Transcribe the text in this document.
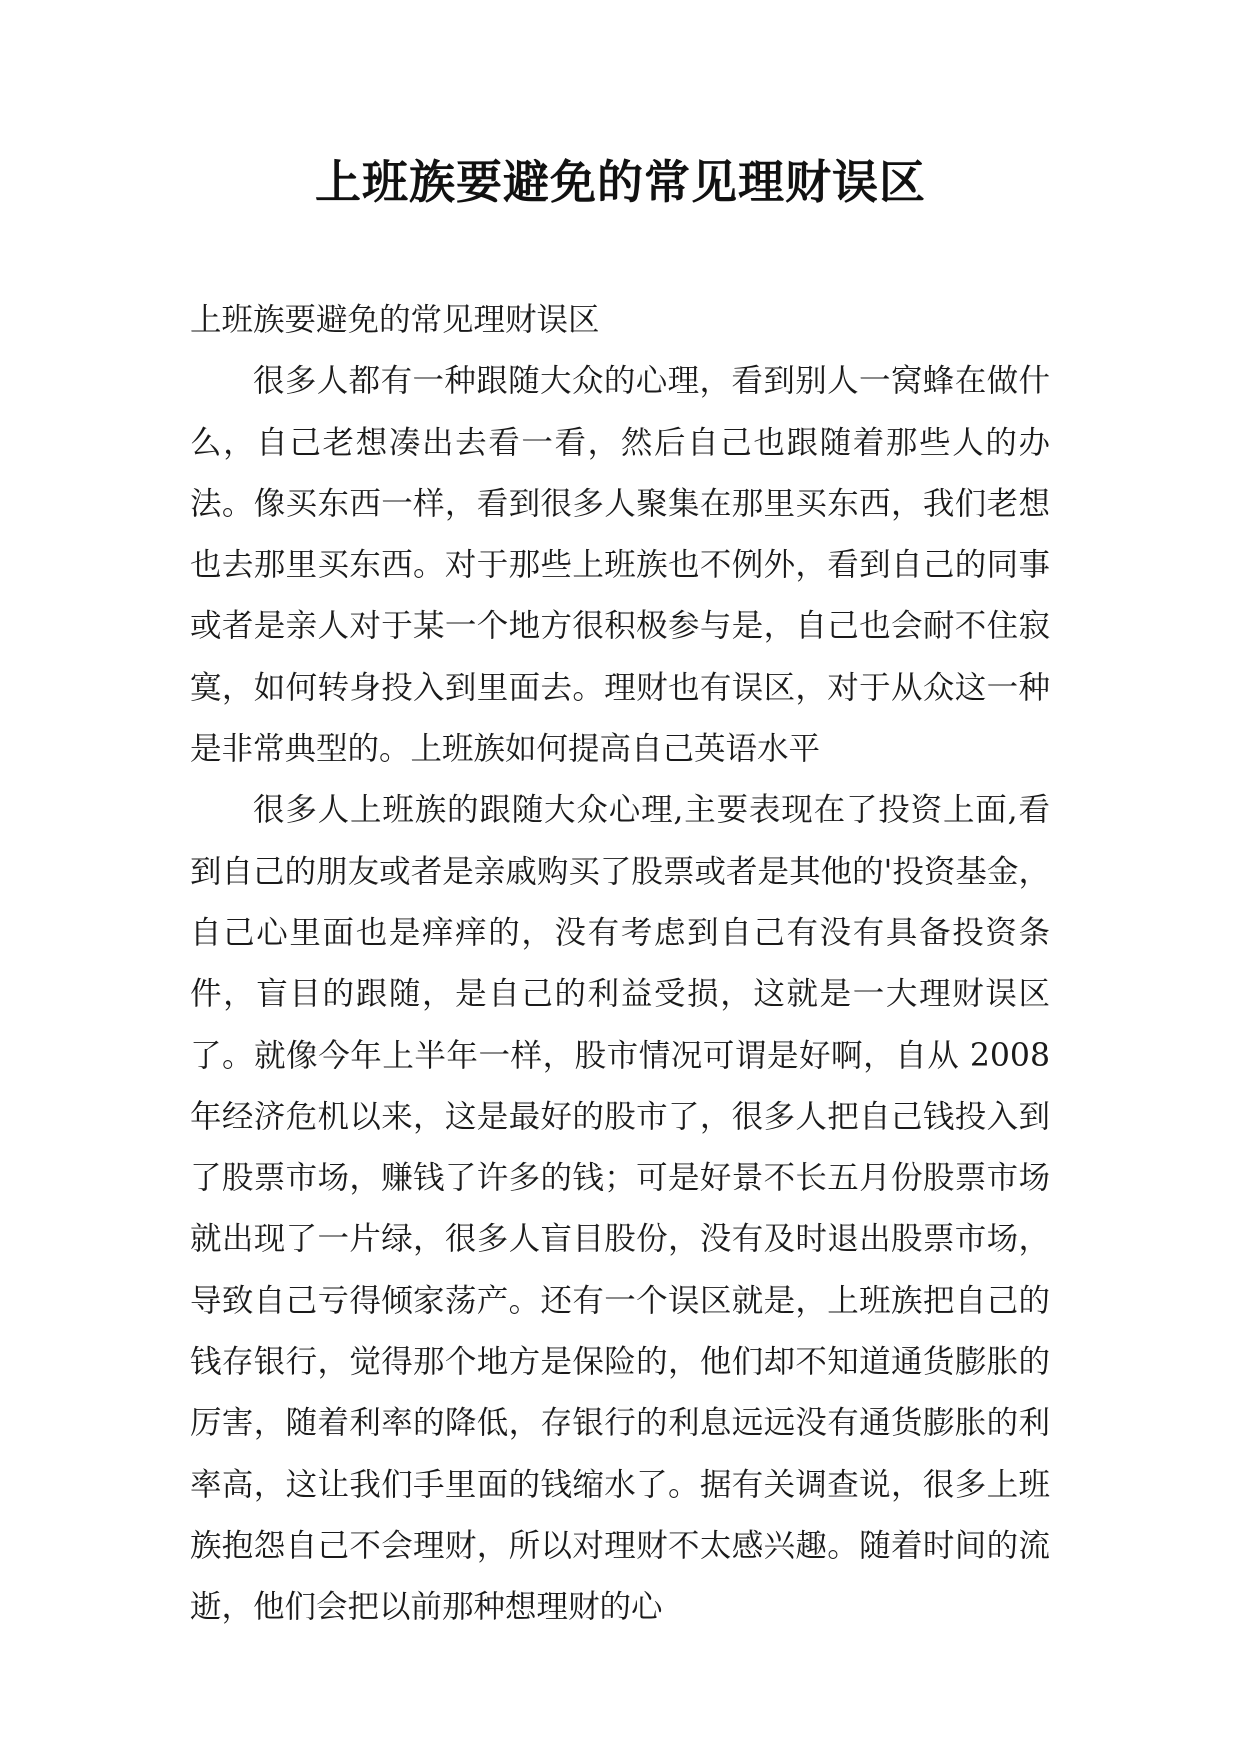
上班族要避免的常见理财误区

上班族要避免的常见理财误区

很多人都有一种跟随大众的心理，看到别人一窝蜂在做什么，自己老想凑出去看一看，然后自己也跟随着那些人的办法。像买东西一样，看到很多人聚集在那里买东西，我们老想也去那里买东西。对于那些上班族也不例外，看到自己的同事或者是亲人对于某一个地方很积极参与是，自己也会耐不住寂寞，如何转身投入到里面去。理财也有误区，对于从众这一种是非常典型的。上班族如何提高自己英语水平

很多人上班族的跟随大众心理,主要表现在了投资上面,看到自己的朋友或者是亲戚购买了股票或者是其他的'投资基金，自己心里面也是痒痒的，没有考虑到自己有没有具备投资条件，盲目的跟随，是自己的利益受损，这就是一大理财误区了。就像今年上半年一样，股市情况可谓是好啊，自从 2008 年经济危机以来，这是最好的股市了，很多人把自己钱投入到了股票市场，赚钱了许多的钱；可是好景不长五月份股票市场就出现了一片绿，很多人盲目股份，没有及时退出股票市场，导致自己亏得倾家荡产。还有一个误区就是，上班族把自己的钱存银行，觉得那个地方是保险的，他们却不知道通货膨胀的厉害，随着利率的降低，存银行的利息远远没有通货膨胀的利率高，这让我们手里面的钱缩水了。据有关调查说，很多上班族抱怨自己不会理财，所以对理财不太感兴趣。随着时间的流逝，他们会把以前那种想理财的心
